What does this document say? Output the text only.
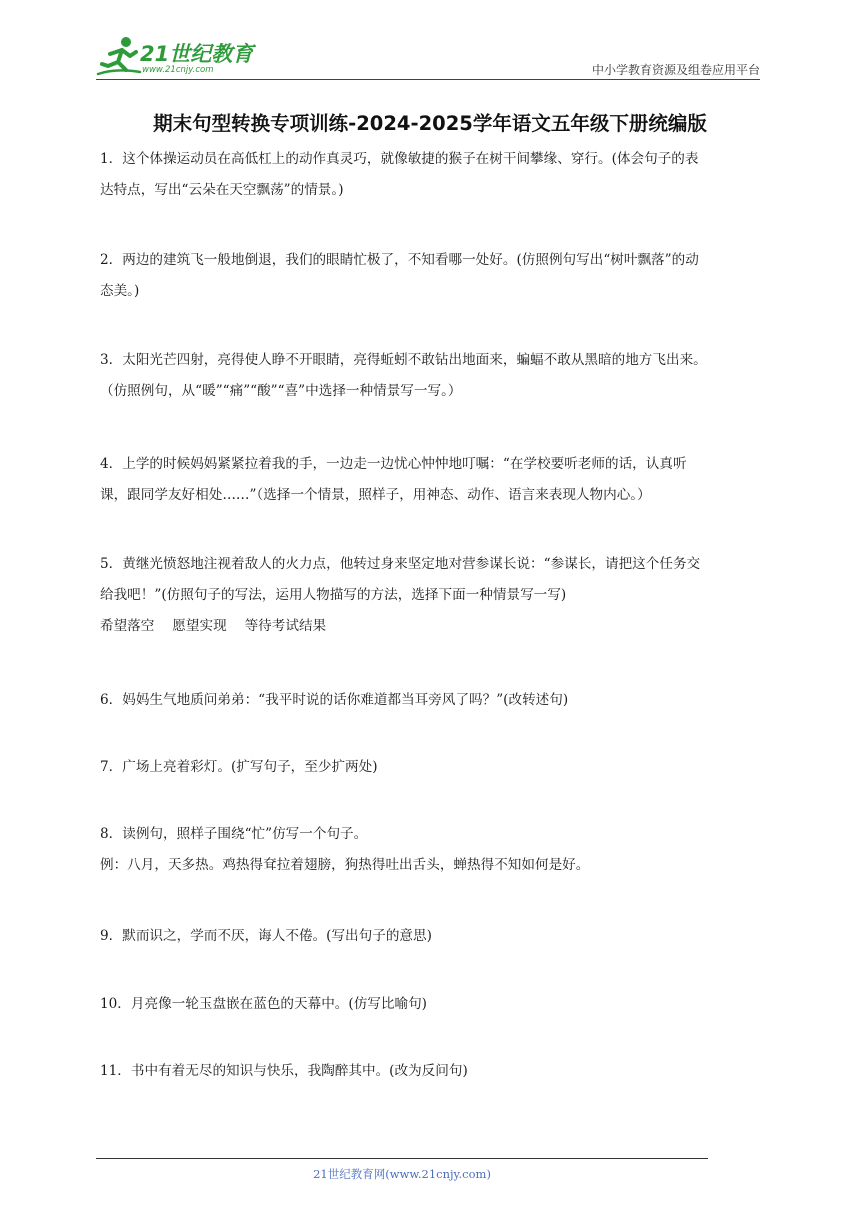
21世纪教育
www.21cnjy.com	中小学教育资源及组卷应用平台
期末句型转换专项训练-2024-2025学年语文五年级下册统编版

1．这个体操运动员在高低杠上的动作真灵巧，就像敏捷的猴子在树干间攀缘、穿行。(体会句子的表

达特点，写出“云朵在天空飘荡”的情景。)

2．两边的建筑飞一般地倒退，我们的眼睛忙极了，不知看哪一处好。(仿照例句写出“树叶飘落”的动

态美。)

3．太阳光芒四射，亮得使人睁不开眼睛，亮得蚯蚓不敢钻出地面来，蝙蝠不敢从黑暗的地方飞出来。

（仿照例句，从“暖”“痛”“酸”“喜”中选择一种情景写一写。）

4．上学的时候妈妈紧紧拉着我的手，一边走一边忧心忡忡地叮嘱：“在学校要听老师的话，认真听

课，跟同学友好相处……”（选择一个情景，照样子，用神态、动作、语言来表现人物内心。）

5．黄继光愤怒地注视着敌人的火力点，他转过身来坚定地对营参谋长说：“参谋长，请把这个任务交

给我吧！”(仿照句子的写法，运用人物描写的方法，选择下面一种情景写一写)

希望落空　 愿望实现　 等待考试结果

6．妈妈生气地质问弟弟：“我平时说的话你难道都当耳旁风了吗？”(改转述句)

7．广场上亮着彩灯。(扩写句子，至少扩两处)

8．读例句，照样子围绕“忙”仿写一个句子。

例：八月，天多热。鸡热得耷拉着翅膀，狗热得吐出舌头，蝉热得不知如何是好。

9．默而识之，学而不厌，诲人不倦。(写出句子的意思)

10．月亮像一轮玉盘嵌在蓝色的天幕中。(仿写比喻句)

11．书中有着无尽的知识与快乐，我陶醉其中。(改为反问句)

21世纪教育网(www.21cnjy.com)
